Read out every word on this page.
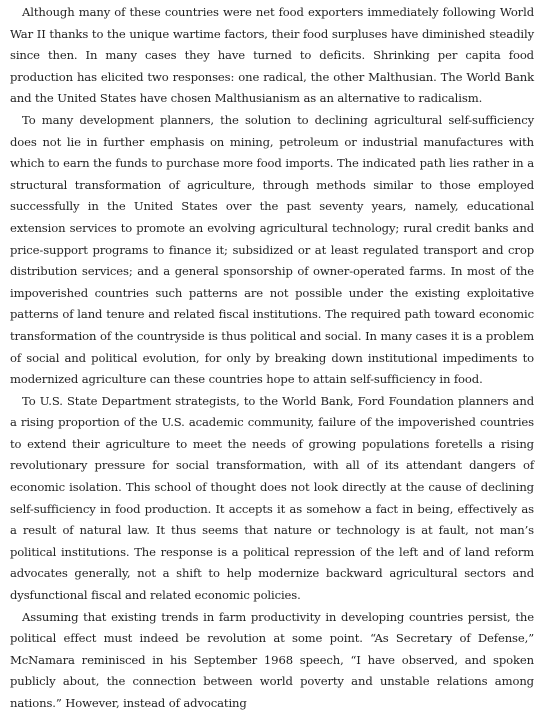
Although many of these countries were net food exporters immediately following World War II thanks to the unique wartime factors, their food surpluses have diminished steadily since then. In many cases they have turned to deficits. Shrinking per capita food production has elicited two responses: one radical, the other Malthusian. The World Bank and the United States have chosen Malthusianism as an alternative to radicalism.

To many development planners, the solution to declining agricultural self-sufficiency does not lie in further emphasis on mining, petroleum or industrial manufactures with which to earn the funds to purchase more food imports. The indicated path lies rather in a structural transformation of agriculture, through methods similar to those employed successfully in the United States over the past seventy years, namely, educational extension services to promote an evolving agricultural technology; rural credit banks and price-support programs to finance it; subsidized or at least regulated transport and crop distribution services; and a general sponsorship of owner-operated farms. In most of the impoverished countries such patterns are not possible under the existing exploitative patterns of land tenure and related fiscal institutions. The required path toward economic transformation of the countryside is thus political and social. In many cases it is a problem of social and political evolution, for only by breaking down institutional impediments to modernized agriculture can these countries hope to attain self-sufficiency in food.

To U.S. State Department strategists, to the World Bank, Ford Foundation planners and a rising proportion of the U.S. academic community, failure of the impoverished countries to extend their agriculture to meet the needs of growing populations foretells a rising revolutionary pressure for social transformation, with all of its attendant dangers of economic isolation. This school of thought does not look directly at the cause of declining self-sufficiency in food production. It accepts it as somehow a fact in being, effectively as a result of natural law. It thus seems that nature or technology is at fault, not man’s political institutions. The response is a political repression of the left and of land reform advocates generally, not a shift to help modernize backward agricultural sectors and dysfunctional fiscal and related economic policies.

Assuming that existing trends in farm productivity in developing countries persist, the political effect must indeed be revolution at some point. “As Secretary of Defense,” McNamara reminisced in his September 1968 speech, “I have observed, and spoken publicly about, the connection between world poverty and unstable relations among nations.” However, instead of advocating
